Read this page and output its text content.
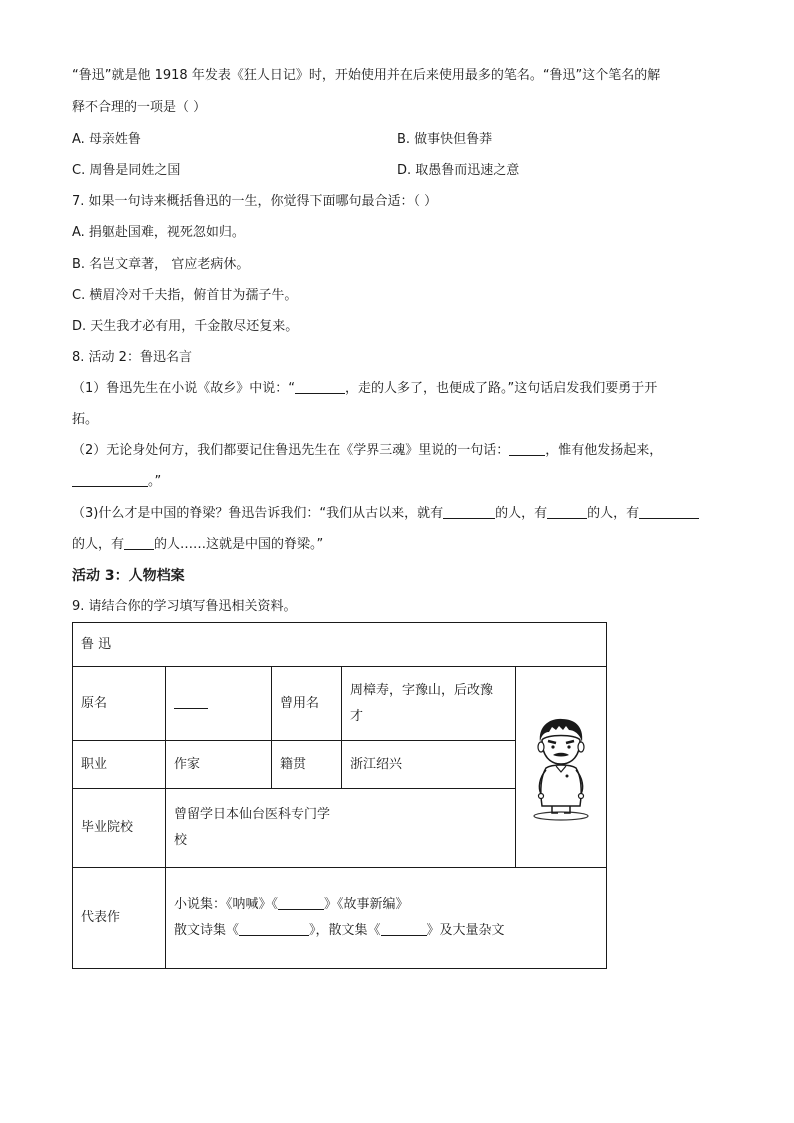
“鲁迅”就是他 1918 年发表《狂人日记》时，开始使用并在后来使用最多的笔名。“鲁迅”这个笔名的解
释不合理的一项是（ ）
A. 母亲姓鲁	B. 做事快但鲁莽
C. 周鲁是同姓之国	D. 取愚鲁而迅速之意
7. 如果一句诗来概括鲁迅的一生，你觉得下面哪句最合适：（ ）
A. 捐躯赴国难，视死忽如归。
B. 名岂文章著， 官应老病休。
C. 横眉冷对千夫指，俯首甘为孺子牛。
D. 天生我才必有用，千金散尽还复来。
8. 活动 2：鲁迅名言
（1）鲁迅先生在小说《故乡》中说：“	，走的人多了，也便成了路。”这句话启发我们要勇于开
拓。
（2）无论身处何方，我们都要记住鲁迅先生在《学界三魂》里说的一句话：	，惟有他发扬起来，
。”
（3)什么才是中国的脊梁？鲁迅告诉我们：“我们从古以来，就有	的人，有	的人，有
的人，有 的人……这就是中国的脊梁。”
活动 3：人物档案
9. 请结合你的学习填写鲁迅相关资料。
鲁 迅				
原名		曾用名	周樟寿，字豫山，后改豫
才

职业	作家	籍贯	浙江绍兴	
毕业院校	曾留学日本仙台医科专门学
校			

代表作	小说集：《呐喊》《 》《故事新编》
散文诗集《 》，散文集《 》及大量杂文			
